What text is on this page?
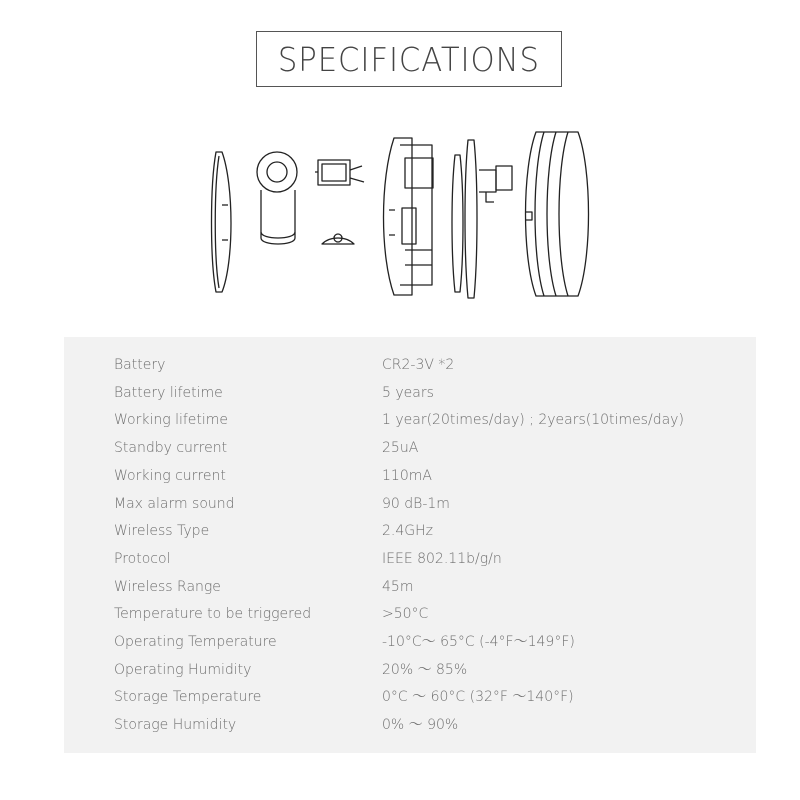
SPECIFICATIONS
Battery	CR2-3V *2
Battery lifetime	5 years
Working lifetime	1 year(20times/day) ; 2years(10times/day)
Standby current	25uA
Working current	110mA
Max alarm sound	90 dB-1m
Wireless Type	2.4GHz
Protocol	IEEE 802.11b/g/n
Wireless Range	45m
Temperature to be triggered	>50°C
Operating Temperature	-10°C～ 65°C (-4°F～149°F)
Operating Humidity	20% ～ 85%
Storage Temperature	0°C ～ 60°C (32°F ～140°F)
Storage Humidity	0% ～ 90%
